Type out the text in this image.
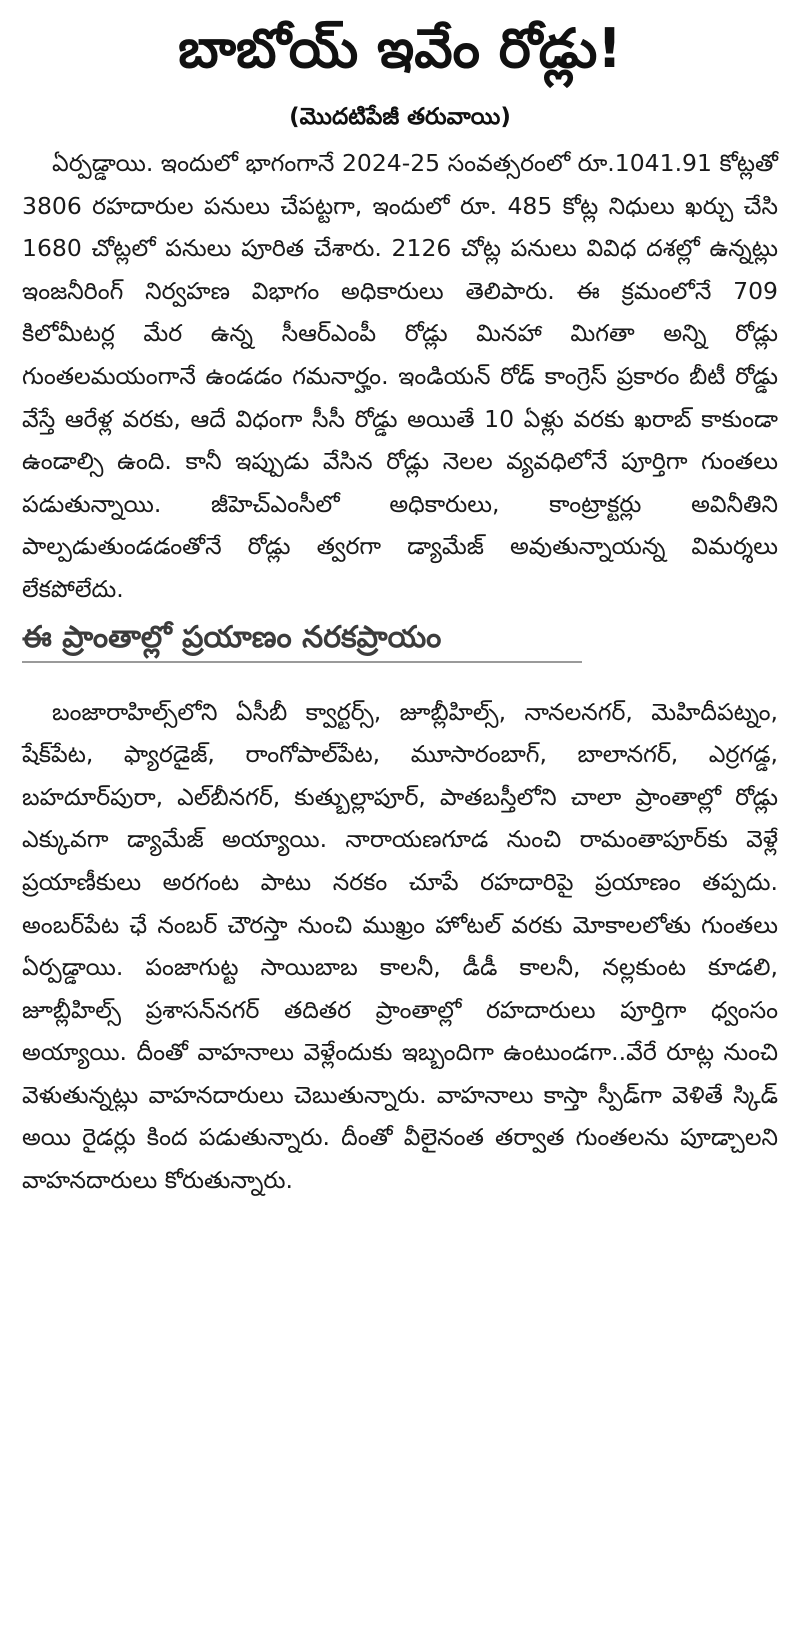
బాబోయ్ ఇవేం రోడ్లు!
(మొదటిపేజీ తరువాయి)

ఏర్పడ్డాయి. ఇందులో భాగంగానే 2024-25 సంవత్సరంలో రూ.1041.91 కోట్లతో 3806 రహదారుల పనులు చేపట్టగా, ఇందులో రూ. 485 కోట్ల నిధులు ఖర్చు చేసి 1680 చోట్లలో పనులు పూరిత చేశారు. 2126 చోట్ల పనులు వివిధ దశల్లో ఉన్నట్లు ఇంజనీరింగ్ నిర్వహణ విభాగం అధికారులు తెలిపారు. ఈ క్రమంలోనే 709 కిలోమీటర్ల మేర ఉన్న సీఆర్ఎంపీ రోడ్లు మినహా మిగతా అన్ని రోడ్లు గుంతలమయంగానే ఉండడం గమనార్హం. ఇండియన్ రోడ్ కాంగ్రెస్ ప్రకారం బీటీ రోడ్డు వేస్తే ఆరేళ్ల వరకు, ఆదే విధంగా సీసీ రోడ్డు అయితే 10 ఏళ్లు వరకు ఖరాబ్ కాకుండా ఉండాల్సి ఉంది. కానీ ఇప్పుడు వేసిన రోడ్లు నెలల వ్యవధిలోనే పూర్తిగా గుంతలు పడుతున్నాయి. జీహెచ్ఎంసీలో అధికారులు, కాంట్రాక్టర్లు అవినీతిని పాల్పడుతుండడంతోనే రోడ్లు త్వరగా డ్యామేజ్ అవుతున్నాయన్న విమర్శలు లేకపోలేదు.

ఈ ప్రాంతాల్లో ప్రయాణం నరకప్రాయం

బంజారాహిల్స్‌లోని ఏసీబీ క్వార్టర్స్, జూబ్లీహిల్స్, నానలనగర్, మెహిదీపట్నం, షేక్‌పేట, ఫ్యారడైజ్, రాంగోపాల్‌పేట, మూసారంబాగ్, బాలానగర్, ఎర్రగడ్డ, బహదూర్‌పురా, ఎల్‌బీనగర్, కుత్బుల్లాపూర్, పాతబస్తీలోని చాలా ప్రాంతాల్లో రోడ్లు ఎక్కువగా డ్యామేజ్ అయ్యాయి. నారాయణగూడ నుంచి రామంతాపూర్‌కు వెళ్లే ప్రయాణీకులు అరగంట పాటు నరకం చూపే రహదారిపై ప్రయాణం తప్పదు. అంబర్‌పేట ఛే నంబర్ చౌరస్తా నుంచి ముఖ్రం హోటల్ వరకు మోకాలలోతు గుంతలు ఏర్పడ్డాయి. పంజాగుట్ట సాయిబాబ కాలనీ, డీడీ కాలనీ, నల్లకుంట కూడలి, జూబ్లీహిల్స్ ప్రశాసన్‌నగర్ తదితర ప్రాంతాల్లో రహదారులు పూర్తిగా ధ్వంసం అయ్యాయి. దీంతో వాహనాలు వెళ్లేందుకు ఇబ్బందిగా ఉంటుండగా..వేరే రూట్ల నుంచి వెళుతున్నట్లు వాహనదారులు చెబుతున్నారు. వాహనాలు కాస్తా స్పీడ్‌గా వెళితే స్కిడ్ అయి రైడర్లు కింద పడుతున్నారు. దీంతో వీలైనంత తర్వాత గుంతలను పూడ్చాలని వాహనదారులు కోరుతున్నారు.
